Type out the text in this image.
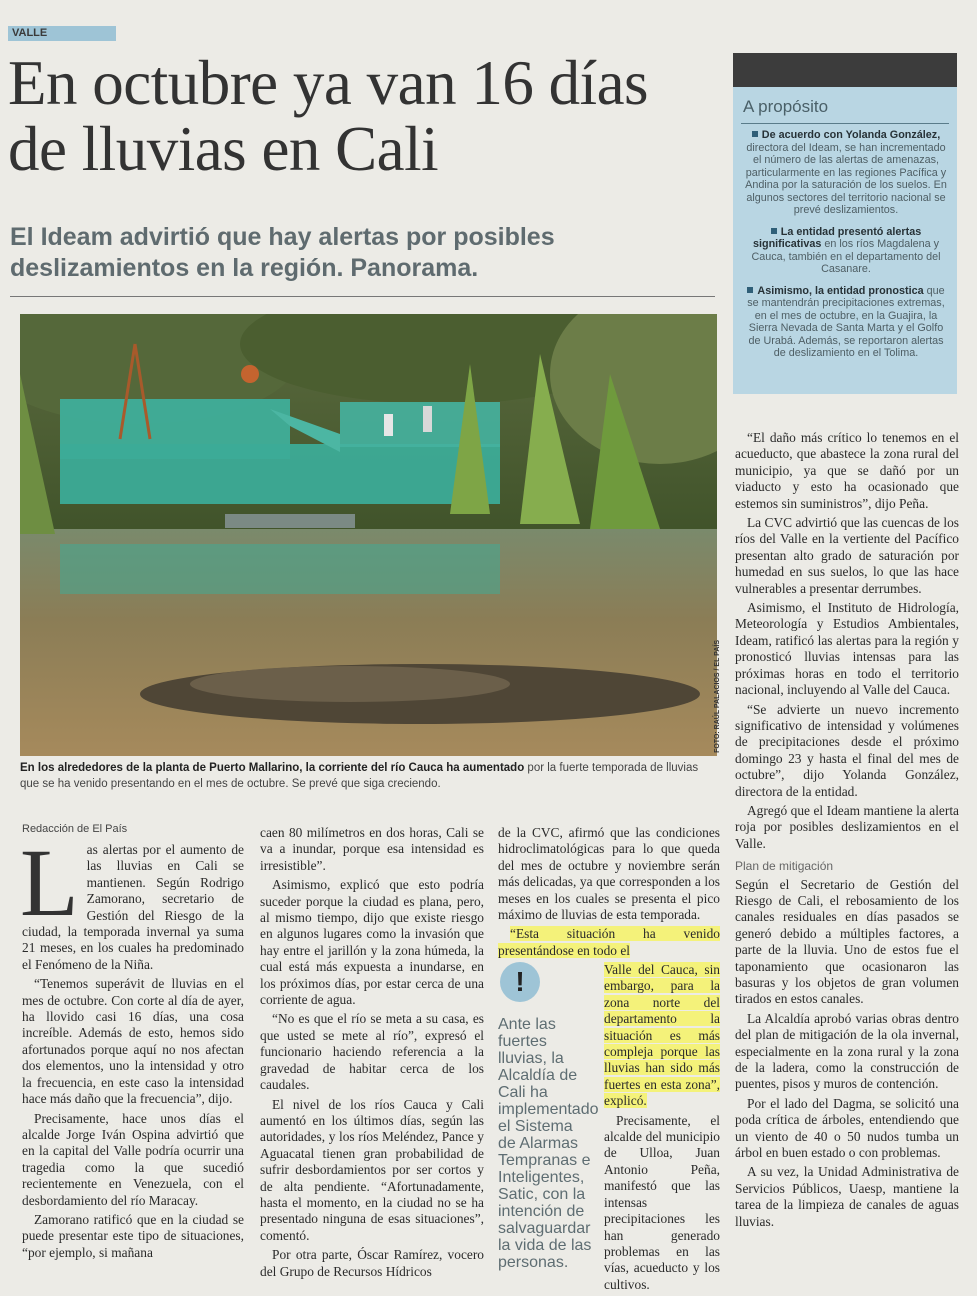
VALLE
En octubre ya van 16 días de lluvias en Cali
El Ideam advirtió que hay alertas por posibles deslizamientos en la región. Panorama.
FOTO: RAÚL PALACIOS / EL PAÍS
En los alrededores de la planta de Puerto Mallarino, la corriente del río Cauca ha aumentado por la fuerte temporada de lluvias que se ha venido presentando en el mes de octubre. Se prevé que siga creciendo.
Redacción de El País

Las alertas por el aumento de las lluvias en Cali se mantienen. Según Rodrigo Zamorano, secretario de Gestión del Riesgo de la ciudad, la temporada invernal ya suma 21 meses, en los cuales ha predominado el Fenómeno de la Niña.

“Tenemos superávit de lluvias en el mes de octubre. Con corte al día de ayer, ha llovido casi 16 días, una cosa increíble. Además de esto, hemos sido afortunados porque aquí no nos afectan dos elementos, uno la intensidad y otro la frecuencia, en este caso la intensidad hace más daño que la frecuencia”, dijo.

Precisamente, hace unos días el alcalde Jorge Iván Ospina advirtió que en la capital del Valle podría ocurrir una tragedia como la que sucedió recientemente en Venezuela, con el desbordamiento del río Maracay.

Zamorano ratificó que en la ciudad se puede presentar este tipo de situaciones, “por ejemplo, si mañana

caen 80 milímetros en dos horas, Cali se va a inundar, porque esa intensidad es irresistible”.

Asimismo, explicó que esto podría suceder porque la ciudad es plana, pero, al mismo tiempo, dijo que existe riesgo en algunos lugares como la invasión que hay entre el jarillón y la zona húmeda, la cual está más expuesta a inundarse, en los próximos días, por estar cerca de una corriente de agua.

“No es que el río se meta a su casa, es que usted se mete al río”, expresó el funcionario haciendo referencia a la gravedad de habitar cerca de los caudales.

El nivel de los ríos Cauca y Cali aumentó en los últimos días, según las autoridades, y los ríos Meléndez, Pance y Aguacatal tienen gran probabilidad de sufrir desbordamientos por ser cortos y de alta pendiente. “Afortunadamente, hasta el momento, en la ciudad no se ha presentado ninguna de esas situaciones”, comentó.

Por otra parte, Óscar Ramírez, vocero del Grupo de Recursos Hídricos

de la CVC, afirmó que las condiciones hidroclimatológicas para lo que queda del mes de octubre y noviembre serán más delicadas, ya que corresponden a los meses en los cuales se presenta el pico máximo de lluvias de esta temporada.

“Esta situación ha venido presentándose en todo el

Valle del Cauca, sin embargo, para la zona norte del departamento la situación es más compleja porque las lluvias han sido más fuertes en esta zona”, explicó.

Precisamente, el alcalde del municipio de Ulloa, Juan Antonio Peña, manifestó que las intensas precipitaciones les han generado problemas en las vías, acueducto y los cultivos.

!
Ante las fuertes lluvias, la Alcaldía de Cali ha implementado el Sistema de Alarmas Tempranas e Inteligentes, Satic, con la intención de salvaguardar la vida de las personas.
A propósito
De acuerdo con Yolanda González, directora del Ideam, se han incrementado el número de las alertas de amenazas, particularmente en las regiones Pacífica y Andina por la saturación de los suelos. En algunos sectores del territorio nacional se prevé deslizamientos.
La entidad presentó alertas significativas en los ríos Magdalena y Cauca, también en el departamento del Casanare.
Asimismo, la entidad pronostica que se mantendrán precipitaciones extremas, en el mes de octubre, en la Guajira, la Sierra Nevada de Santa Marta y el Golfo de Urabá. Además, se reportaron alertas de deslizamiento en el Tolima.

“El daño más crítico lo tenemos en el acueducto, que abastece la zona rural del municipio, ya que se dañó por un viaducto y esto ha ocasionado que estemos sin suministros”, dijo Peña.

La CVC advirtió que las cuencas de los ríos del Valle en la vertiente del Pacífico presentan alto grado de saturación por humedad en sus suelos, lo que las hace vulnerables a presentar derrumbes.

Asimismo, el Instituto de Hidrología, Meteorología y Estudios Ambientales, Ideam, ratificó las alertas para la región y pronosticó lluvias intensas para las próximas horas en todo el territorio nacional, incluyendo al Valle del Cauca.

“Se advierte un nuevo incremento significativo de intensidad y volúmenes de precipitaciones desde el próximo domingo 23 y hasta el final del mes de octubre”, dijo Yolanda González, directora de la entidad.

Agregó que el Ideam mantiene la alerta roja por posibles deslizamientos en el Valle.

Plan de mitigación

Según el Secretario de Gestión del Riesgo de Cali, el rebosamiento de los canales residuales en días pasados se generó debido a múltiples factores, a parte de la lluvia. Uno de estos fue el taponamiento que ocasionaron las basuras y los objetos de gran volumen tirados en estos canales.

La Alcaldía aprobó varias obras dentro del plan de mitigación de la ola invernal, especialmente en la zona rural y la zona de la ladera, como la construcción de puentes, pisos y muros de contención.

Por el lado del Dagma, se solicitó una poda crítica de árboles, entendiendo que un viento de 40 o 50 nudos tumba un árbol en buen estado o con problemas.

A su vez, la Unidad Administrativa de Servicios Públicos, Uaesp, mantiene la tarea de la limpieza de canales de aguas lluvias.
